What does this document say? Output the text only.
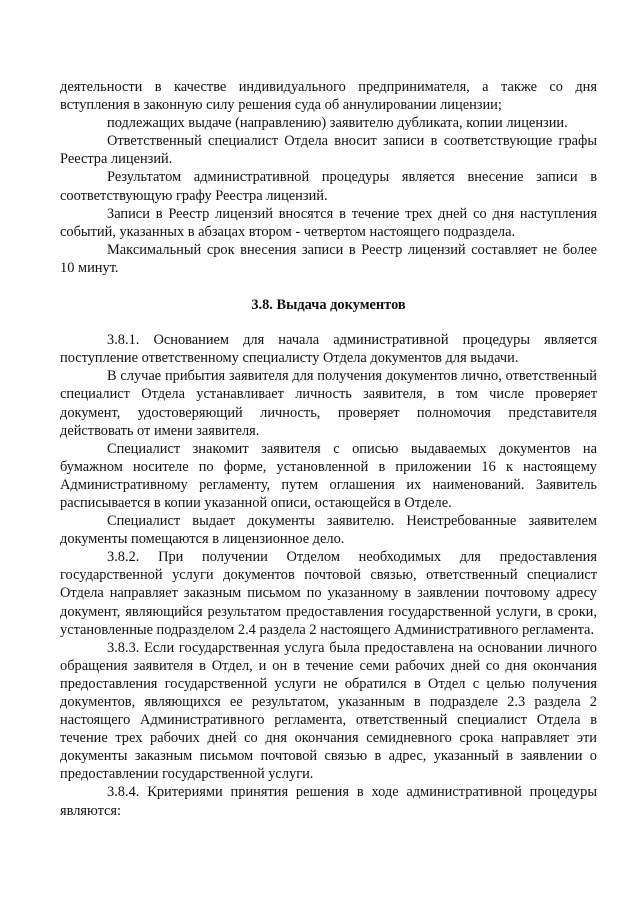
деятельности в качестве индивидуального предпринимателя, а также со дня вступления в законную силу решения суда об аннулировании лицензии;

подлежащих выдаче (направлению) заявителю дубликата, копии лицензии.

Ответственный специалист Отдела вносит записи в соответствующие графы Реестра лицензий.

Результатом административной процедуры является внесение записи в соответствующую графу Реестра лицензий.

Записи в Реестр лицензий вносятся в течение трех дней со дня наступления событий, указанных в абзацах втором - четвертом настоящего подраздела.

Максимальный срок внесения записи в Реестр лицензий составляет не более 10 минут.

3.8. Выдача документов

3.8.1. Основанием для начала административной процедуры является поступление ответственному специалисту Отдела документов для выдачи.

В случае прибытия заявителя для получения документов лично, ответственный специалист Отдела устанавливает личность заявителя, в том числе проверяет документ, удостоверяющий личность, проверяет полномочия представителя действовать от имени заявителя.

Специалист знакомит заявителя с описью выдаваемых документов на бумажном носителе по форме, установленной в приложении 16 к настоящему Административному регламенту, путем оглашения их наименований. Заявитель расписывается в копии указанной описи, остающейся в Отделе.

Специалист выдает документы заявителю. Неистребованные заявителем документы помещаются в лицензионное дело.

3.8.2. При получении Отделом необходимых для предоставления государственной услуги документов почтовой связью, ответственный специалист Отдела направляет заказным письмом по указанному в заявлении почтовому адресу документ, являющийся результатом предоставления государственной услуги, в сроки, установленные подразделом 2.4 раздела 2 настоящего Административного регламента.

3.8.3. Если государственная услуга была предоставлена на основании личного обращения заявителя в Отдел, и он в течение семи рабочих дней со дня окончания предоставления государственной услуги не обратился в Отдел с целью получения документов, являющихся ее результатом, указанным в подразделе 2.3 раздела 2 настоящего Административного регламента, ответственный специалист Отдела в течение трех рабочих дней со дня окончания семидневного срока направляет эти документы заказным письмом почтовой связью в адрес, указанный в заявлении о предоставлении государственной услуги.

3.8.4. Критериями принятия решения в ходе административной процедуры являются:
